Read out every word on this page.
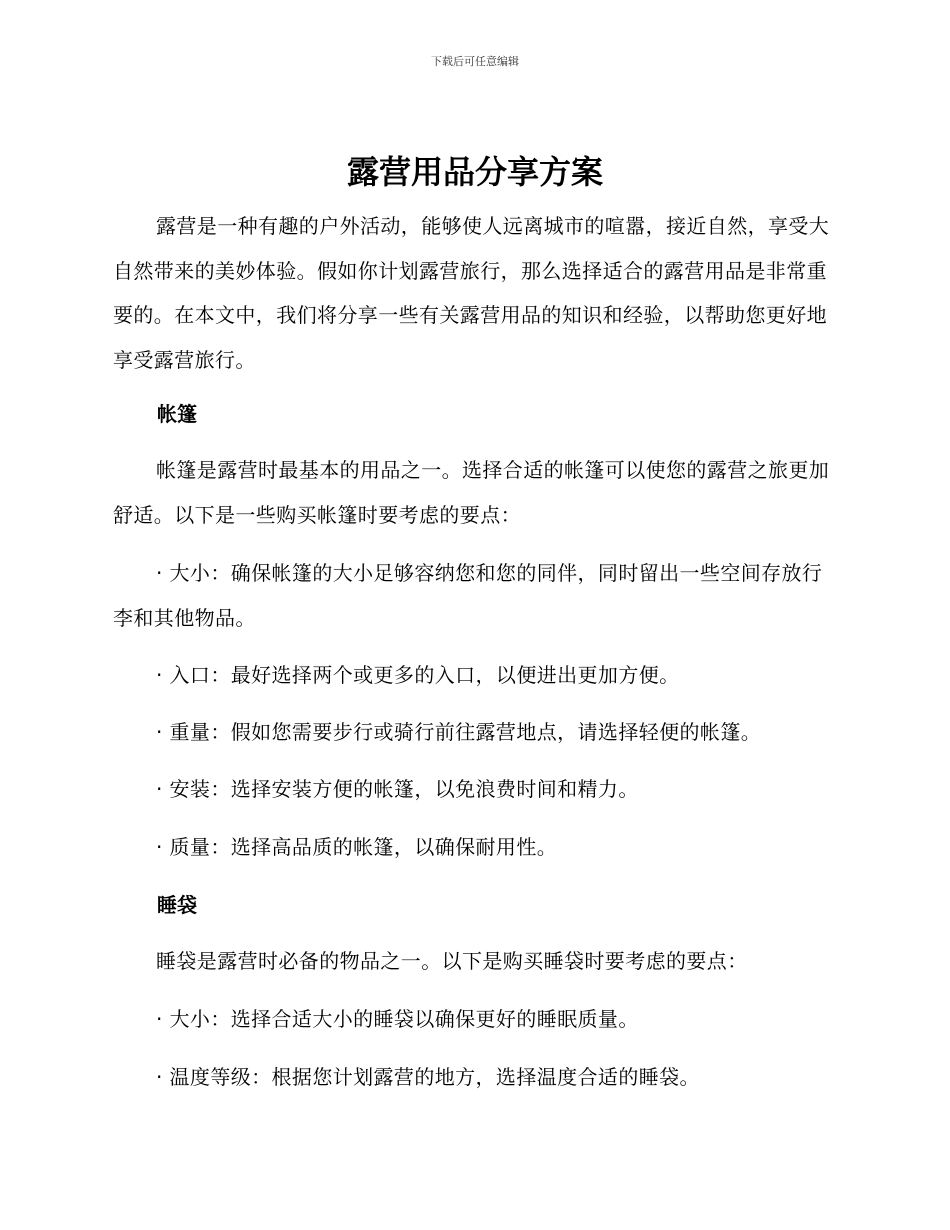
下载后可任意编辑
露营用品分享方案

露营是一种有趣的户外活动，能够使人远离城市的喧嚣，接近自然，享受大自然带来的美妙体验。假如你计划露营旅行，那么选择适合的露营用品是非常重要的。在本文中，我们将分享一些有关露营用品的知识和经验，以帮助您更好地享受露营旅行。

帐篷

帐篷是露营时最基本的用品之一。选择合适的帐篷可以使您的露营之旅更加舒适。以下是一些购买帐篷时要考虑的要点：

· 大小：确保帐篷的大小足够容纳您和您的同伴，同时留出一些空间存放行李和其他物品。

· 入口：最好选择两个或更多的入口，以便进出更加方便。

· 重量：假如您需要步行或骑行前往露营地点，请选择轻便的帐篷。

· 安装：选择安装方便的帐篷，以免浪费时间和精力。

· 质量：选择高品质的帐篷，以确保耐用性。

睡袋

睡袋是露营时必备的物品之一。以下是购买睡袋时要考虑的要点：

· 大小：选择合适大小的睡袋以确保更好的睡眠质量。

· 温度等级：根据您计划露营的地方，选择温度合适的睡袋。
